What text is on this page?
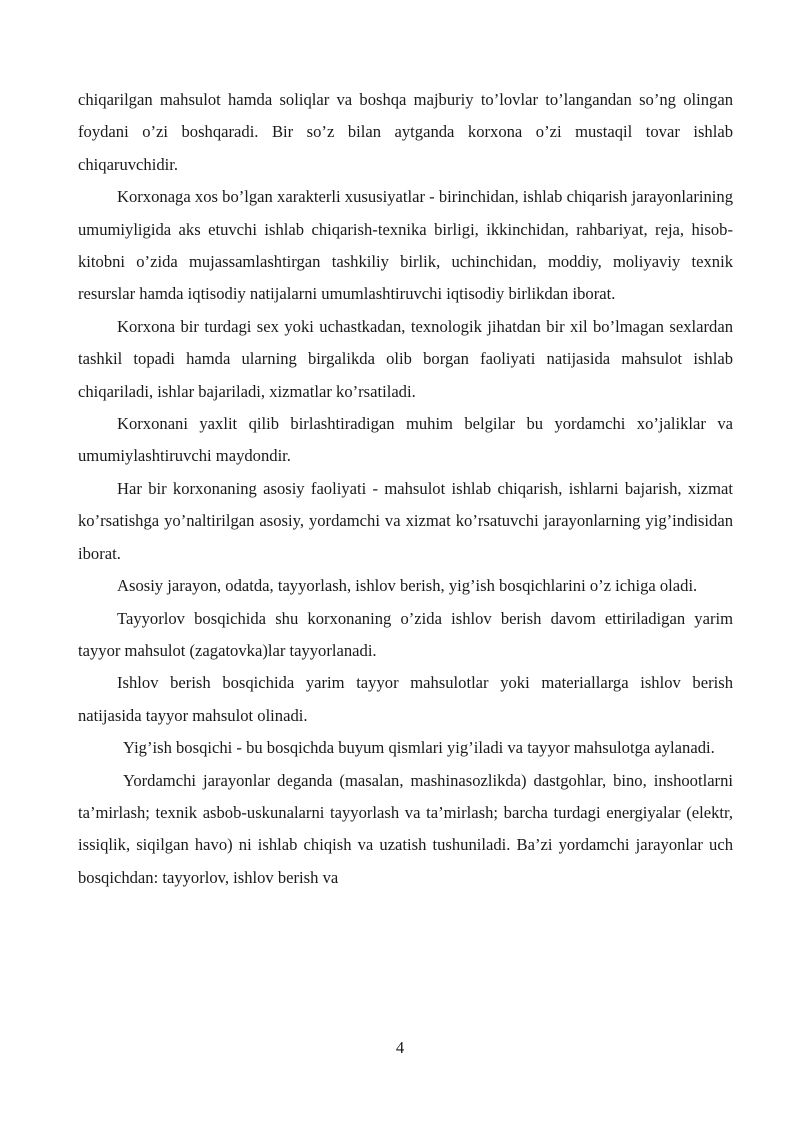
chiqarilgan mahsulot hamda soliqlar va boshqa majburiy to’lovlar to’langandan so’ng olingan foydani o’zi boshqaradi. Bir so’z bilan aytganda korxona o’zi mustaqil tovar ishlab chiqaruvchidir.

Korxonaga xos bo’lgan xarakterli xususiyatlar - birinchidan, ishlab chiqarish jarayonlarining umumiyligida aks etuvchi ishlab chiqarish-texnika birligi, ikkinchidan, rahbariyat, reja, hisob-kitobni o’zida mujassamlashtirgan tashkiliy birlik, uchinchidan, moddiy, moliyaviy texnik resurslar hamda iqtisodiy natijalarni umumlashtiruvchi iqtisodiy birlikdan iborat.

Korxona bir turdagi sex yoki uchastkadan, texnologik jihatdan bir xil bo’lmagan sexlardan tashkil topadi hamda ularning birgalikda olib borgan faoliyati natijasida mahsulot ishlab chiqariladi, ishlar bajariladi, xizmatlar ko’rsatiladi.

Korxonani yaxlit qilib birlashtiradigan muhim belgilar bu yordamchi xo’jaliklar va umumiylashtiruvchi maydondir.

Har bir korxonaning asosiy faoliyati - mahsulot ishlab chiqarish, ishlarni bajarish, xizmat ko’rsatishga yo’naltirilgan asosiy, yordamchi va xizmat ko’rsatuvchi jarayonlarning yig’indisidan iborat.

Asosiy jarayon, odatda, tayyorlash, ishlov berish, yig’ish bosqichlarini o’z ichiga oladi.

Tayyorlov bosqichida shu korxonaning o’zida ishlov berish davom ettiriladigan yarim tayyor mahsulot (zagatovka)lar tayyorlanadi.

Ishlov berish bosqichida yarim tayyor mahsulotlar yoki materiallarga ishlov berish natijasida tayyor mahsulot olinadi.

Yig’ish bosqichi - bu bosqichda buyum qismlari yig’iladi va tayyor mahsulotga aylanadi.

Yordamchi jarayonlar deganda (masalan, mashinasozlikda) dastgohlar, bino, inshootlarni ta’mirlash; texnik asbob-uskunalarni tayyorlash va ta’mirlash; barcha turdagi energiyalar (elektr, issiqlik, siqilgan havo) ni ishlab chiqish va uzatish tushuniladi. Ba’zi yordamchi jarayonlar uch bosqichdan: tayyorlov, ishlov berish va

4
